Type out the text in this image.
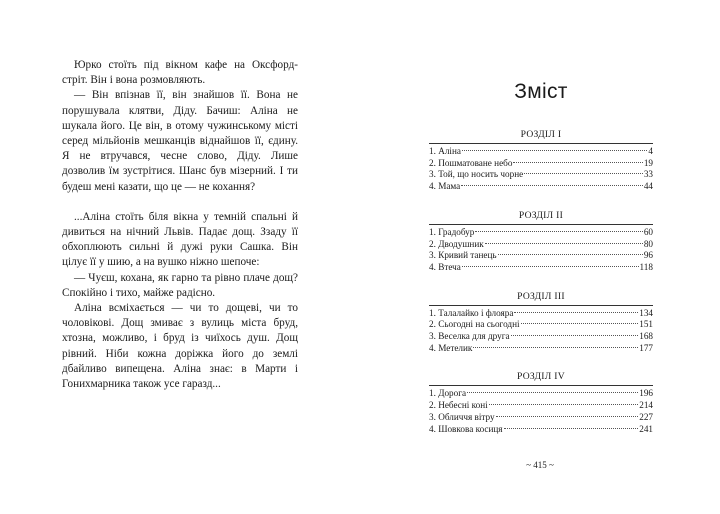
Юрко стоїть під вікном кафе на Оксфорд-стріт. Він і вона розмовляють.

— Він впізнав її, він знайшов її. Вона не порушувала клятви, Діду. Бачиш: Аліна не шукала його. Це він, в отому чужинському місті серед мільйонів мешканців віднайшов її, єдину. Я не втручався, чесне слово, Діду. Лише дозволив їм зустрітися. Шанс був мізерний. І ти будеш мені казати, що це — не кохання?

...Аліна стоїть біля вікна у темній спальні й дивиться на нічний Львів. Падає дощ. Ззаду її обхоплюють сильні й дужі руки Сашка. Він цілує її у шию, а на вушко ніжно шепоче:

— Чуєш, кохана, як гарно та рівно плаче дощ? Спокійно і тихо, майже радісно.

Аліна всміхається — чи то дощеві, чи то чоловікові. Дощ змиває з вулиць міста бруд, хтозна, можливо, і бруд із чиїхось душ. Дощ рівний. Ніби кожна доріжка його до землі дбайливо випещена. Аліна знає: в Марти і Гонихмарника також усе гаразд...

Зміст
РОЗДІЛ I
1. Аліна	4
2. Пошматоване небо	19
3. Той, що носить чорне	33
4. Мама	44
РОЗДІЛ II
1. Градобур	60
2. Дводушник	80
3. Кривий танець	96
4. Втеча	118
РОЗДІЛ III
1. Талалайко і флояра	134
2. Сьогодні на сьогодні	151
3. Веселка для друга	168
4. Метелик	177
РОЗДІЛ IV
1. Дорога	196
2. Небесні коні	214
3. Обличчя вітру	227
4. Шовкова косиця	241
~ 415 ~
